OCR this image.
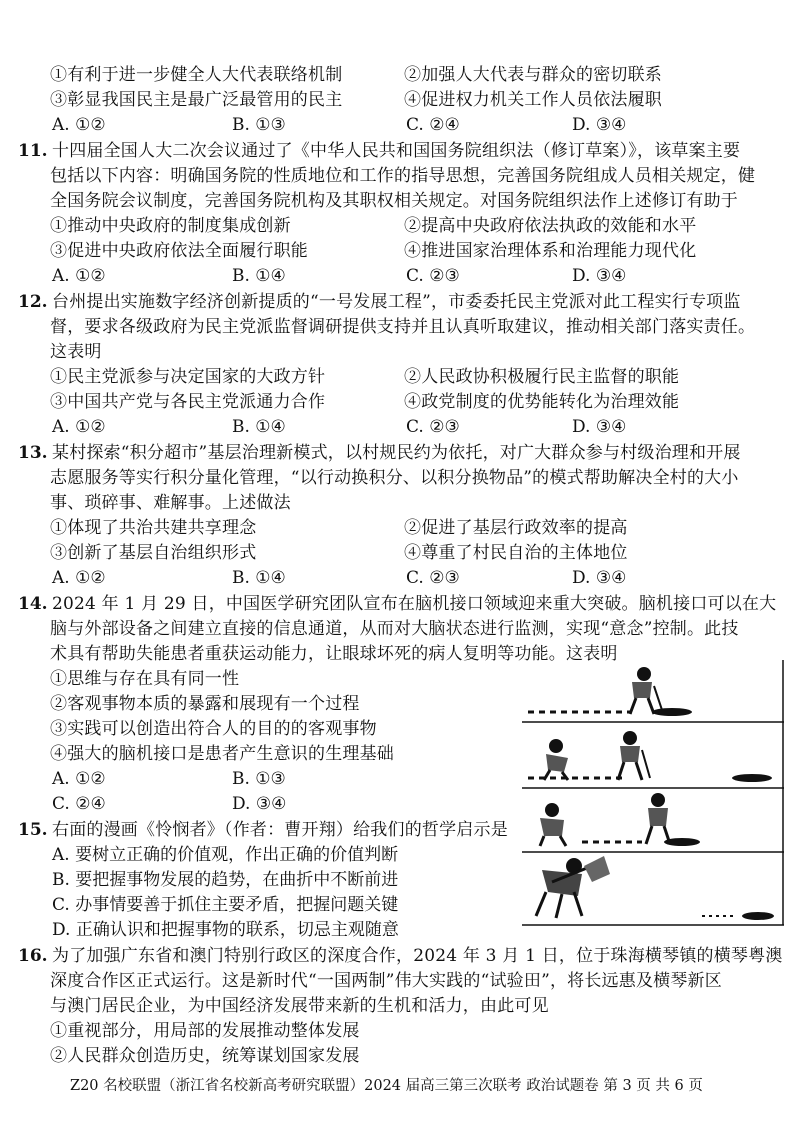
①有利于进一步健全人大代表联络机制	②加强人大代表与群众的密切联系
③彰显我国民主是最广泛最管用的民主	④促进权力机关工作人员依法履职
A. ①②	B. ①③	C. ②④	D. ③④
11. 十四届全国人大二次会议通过了《中华人民共和国国务院组织法（修订草案）》，该草案主要
包括以下内容：明确国务院的性质地位和工作的指导思想，完善国务院组成人员相关规定，健
全国务院会议制度，完善国务院机构及其职权相关规定。对国务院组织法作上述修订有助于
①推动中央政府的制度集成创新	②提高中央政府依法执政的效能和水平
③促进中央政府依法全面履行职能	④推进国家治理体系和治理能力现代化
A. ①②	B. ①④	C. ②③	D. ③④
12. 台州提出实施数字经济创新提质的“一号发展工程”，市委委托民主党派对此工程实行专项监
督，要求各级政府为民主党派监督调研提供支持并且认真听取建议，推动相关部门落实责任。
这表明
①民主党派参与决定国家的大政方针	②人民政协积极履行民主监督的职能
③中国共产党与各民主党派通力合作	④政党制度的优势能转化为治理效能
A. ①②	B. ①④	C. ②③	D. ③④
13. 某村探索“积分超市”基层治理新模式，以村规民约为依托，对广大群众参与村级治理和开展
志愿服务等实行积分量化管理，“以行动换积分、以积分换物品”的模式帮助解决全村的大小
事、琐碎事、难解事。上述做法
①体现了共治共建共享理念	②促进了基层行政效率的提高
③创新了基层自治组织形式	④尊重了村民自治的主体地位
A. ①②	B. ①④	C. ②③	D. ③④
14. 2024 年 1 月 29 日，中国医学研究团队宣布在脑机接口领域迎来重大突破。脑机接口可以在大
脑与外部设备之间建立直接的信息通道，从而对大脑状态进行监测，实现“意念”控制。此技
术具有帮助失能患者重获运动能力，让眼球坏死的病人复明等功能。这表明
①思维与存在具有同一性
②客观事物本质的暴露和展现有一个过程
③实践可以创造出符合人的目的的客观事物
④强大的脑机接口是患者产生意识的生理基础
A. ①②	B. ①③
C. ②④	D. ③④
15. 右面的漫画《怜悯者》（作者：曹开翔）给我们的哲学启示是
A. 要树立正确的价值观，作出正确的价值判断
B. 要把握事物发展的趋势，在曲折中不断前进
C. 办事情要善于抓住主要矛盾，把握问题关键
D. 正确认识和把握事物的联系，切忌主观随意
16. 为了加强广东省和澳门特别行政区的深度合作，2024 年 3 月 1 日，位于珠海横琴镇的横琴粤澳
深度合作区正式运行。这是新时代“一国两制”伟大实践的“试验田”，将长远惠及横琴新区
与澳门居民企业，为中国经济发展带来新的生机和活力，由此可见
①重视部分，用局部的发展推动整体发展
②人民群众创造历史，统筹谋划国家发展
Z20 名校联盟（浙江省名校新高考研究联盟）2024 届高三第三次联考 政治试题卷 第 3 页 共 6 页
